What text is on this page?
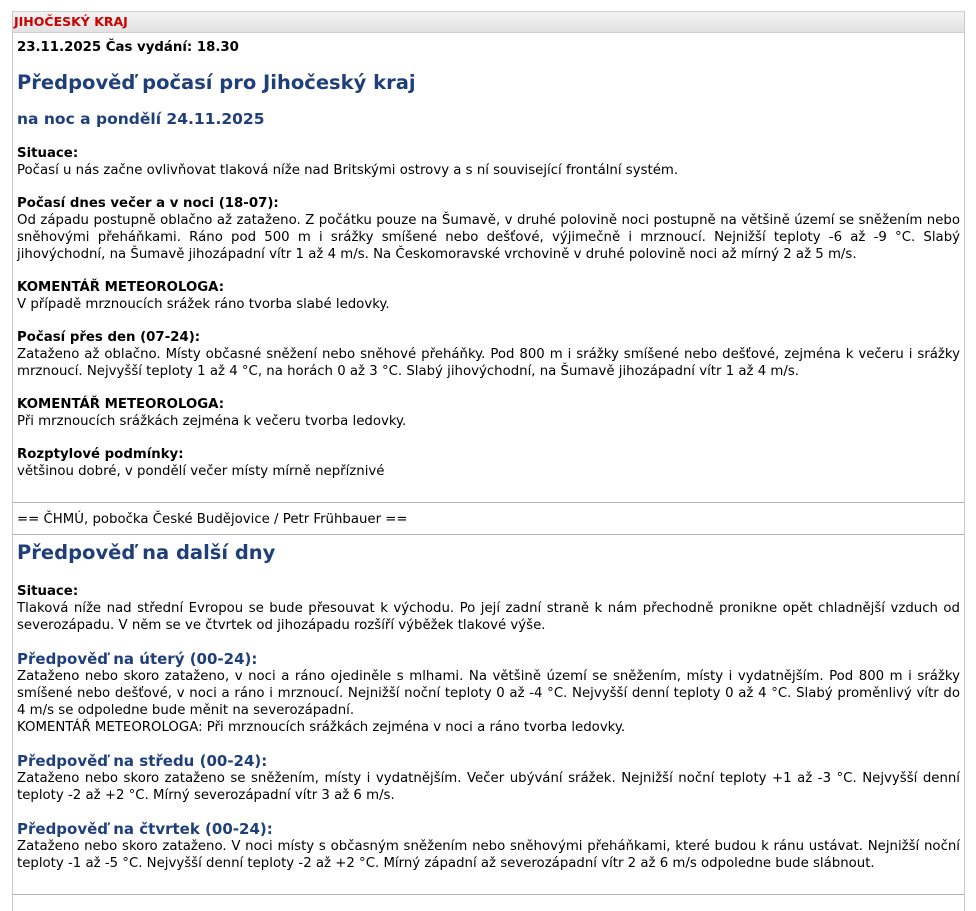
JIHOČESKÝ KRAJ
23.11.2025 Čas vydání: 18.30
Předpověď počasí pro Jihočeský kraj
na noc a pondělí 24.11.2025
Situace:
Počasí u nás začne ovlivňovat tlaková níže nad Britskými ostrovy a s ní související frontální systém.
Počasí dnes večer a v noci (18-07):
Od západu postupně oblačno až zataženo. Z počátku pouze na Šumavě, v druhé polovině noci postupně na většině území se sněžením nebo sněhovými přeháňkami. Ráno pod 500 m i srážky smíšené nebo dešťové, výjimečně i mrznoucí. Nejnižší teploty -6 až -9 °C. Slabý jihovýchodní, na Šumavě jihozápadní vítr 1 až 4 m/s. Na Českomoravské vrchovině v druhé polovině noci až mírný 2 až 5 m/s.
KOMENTÁŘ METEOROLOGA:
V případě mrznoucích srážek ráno tvorba slabé ledovky.
Počasí přes den (07-24):
Zataženo až oblačno. Místy občasné sněžení nebo sněhové přeháňky. Pod 800 m i srážky smíšené nebo dešťové, zejména k večeru i srážky mrznoucí. Nejvyšší teploty 1 až 4 °C, na horách 0 až 3 °C. Slabý jihovýchodní, na Šumavě jihozápadní vítr 1 až 4 m/s.
KOMENTÁŘ METEOROLOGA:
Při mrznoucích srážkách zejména k večeru tvorba ledovky.
Rozptylové podmínky:
většinou dobré, v pondělí večer místy mírně nepříznivé
== ČHMÚ, pobočka České Budějovice / Petr Frühbauer ==
Předpověď na další dny
Situace:
Tlaková níže nad střední Evropou se bude přesouvat k východu. Po její zadní straně k nám přechodně pronikne opět chladnější vzduch od severozápadu. V něm se ve čtvrtek od jihozápadu rozšíří výběžek tlakové výše.
Předpověď na úterý (00-24):
Zataženo nebo skoro zataženo, v noci a ráno ojediněle s mlhami. Na většině území se sněžením, místy i vydatnějším. Pod 800 m i srážky smíšené nebo dešťové, v noci a ráno i mrznoucí. Nejnižší noční teploty 0 až -4 °C. Nejvyšší denní teploty 0 až 4 °C. Slabý proměnlivý vítr do 4 m/s se odpoledne bude měnit na severozápadní.
KOMENTÁŘ METEOROLOGA: Při mrznoucích srážkách zejména v noci a ráno tvorba ledovky.
Předpověď na středu (00-24):
Zataženo nebo skoro zataženo se sněžením, místy i vydatnějším. Večer ubývání srážek. Nejnižší noční teploty +1 až -3 °C. Nejvyšší denní teploty -2 až +2 °C. Mírný severozápadní vítr 3 až 6 m/s.
Předpověď na čtvrtek (00-24):
Zataženo nebo skoro zataženo. V noci místy s občasným sněžením nebo sněhovými přeháňkami, které budou k ránu ustávat. Nejnižší noční teploty -1 až -5 °C. Nejvyšší denní teploty -2 až +2 °C. Mírný západní až severozápadní vítr 2 až 6 m/s odpoledne bude slábnout.
